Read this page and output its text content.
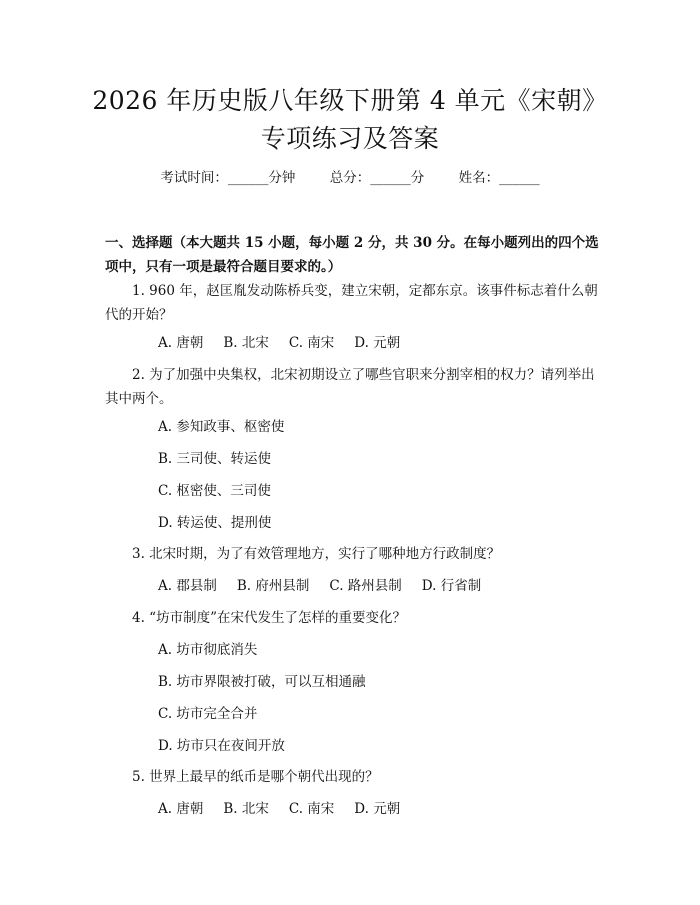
2026 年历史版八年级下册第 4 单元《宋朝》
专项练习及答案
考试时间：______分钟	总分：______分	姓名：______
一、选择题（本大题共 15 小题，每小题 2 分，共 30 分。在每小题列出的四个选项中，只有一项是最符合题目要求的。）
1. 960 年，赵匡胤发动陈桥兵变，建立宋朝，定都东京。该事件标志着什么朝代的开始？
A. 唐朝 B. 北宋 C. 南宋 D. 元朝
2. 为了加强中央集权，北宋初期设立了哪些官职来分割宰相的权力？请列举出其中两个。
A. 参知政事、枢密使
B. 三司使、转运使
C. 枢密使、三司使
D. 转运使、提刑使
3. 北宋时期，为了有效管理地方，实行了哪种地方行政制度？
A. 郡县制 B. 府州县制 C. 路州县制 D. 行省制
4. “坊市制度”在宋代发生了怎样的重要变化？
A. 坊市彻底消失
B. 坊市界限被打破，可以互相通融
C. 坊市完全合并
D. 坊市只在夜间开放
5. 世界上最早的纸币是哪个朝代出现的？
A. 唐朝 B. 北宋 C. 南宋 D. 元朝
